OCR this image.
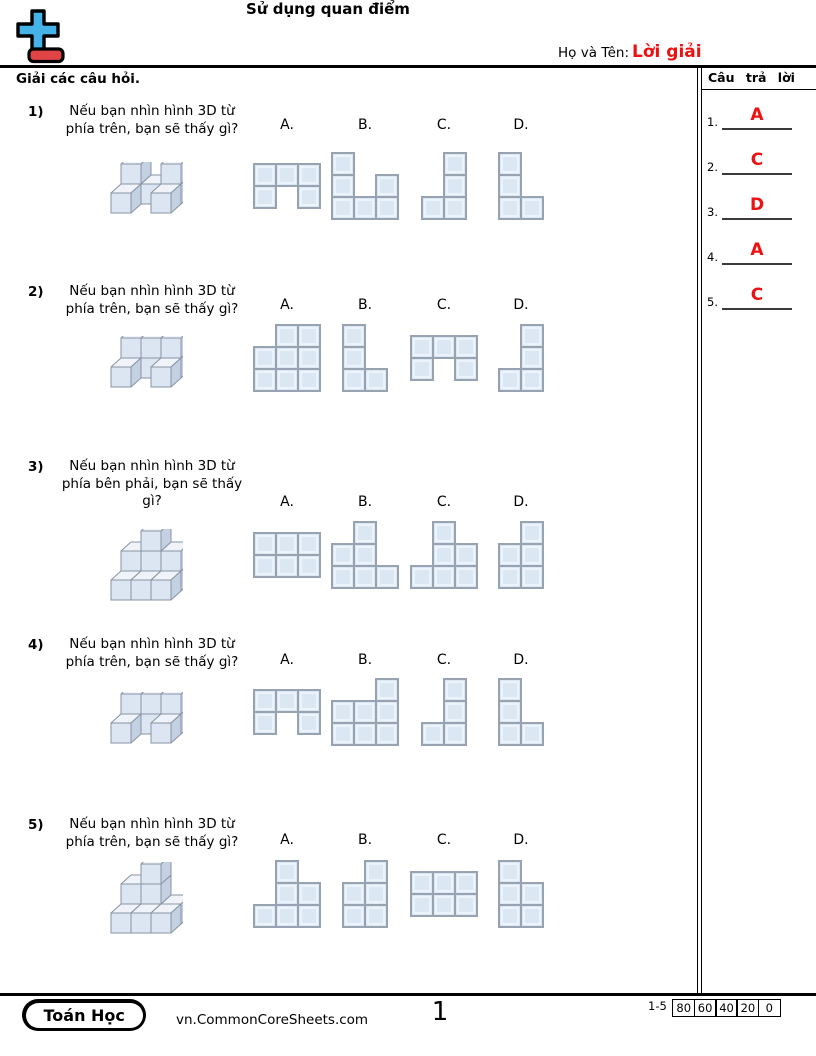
Sử dụng quan điểm
Họ và Tên: Lời giải
Giải các câu hỏi.	Câu trả lời
1.	A
2.	C
3.	D
4.	A
5.	C
1)	Nếu bạn nhìn hình 3D từ
phía trên, bạn sẽ thấy gì?	A.	B.	C.	D.
2)	Nếu bạn nhìn hình 3D từ
phía trên, bạn sẽ thấy gì?	A.	B.	C.	D.
3)	Nếu bạn nhìn hình 3D từ
phía bên phải, bạn sẽ thấy
gì?	A.	B.	C.	D.
4)	Nếu bạn nhìn hình 3D từ
phía trên, bạn sẽ thấy gì?	A.	B.	C.	D.
5)	Nếu bạn nhìn hình 3D từ
phía trên, bạn sẽ thấy gì?	A.	B.	C.	D.
Toán Học	vn.CommonCoreSheets.com	1	1-5 80 60 40 20 0
